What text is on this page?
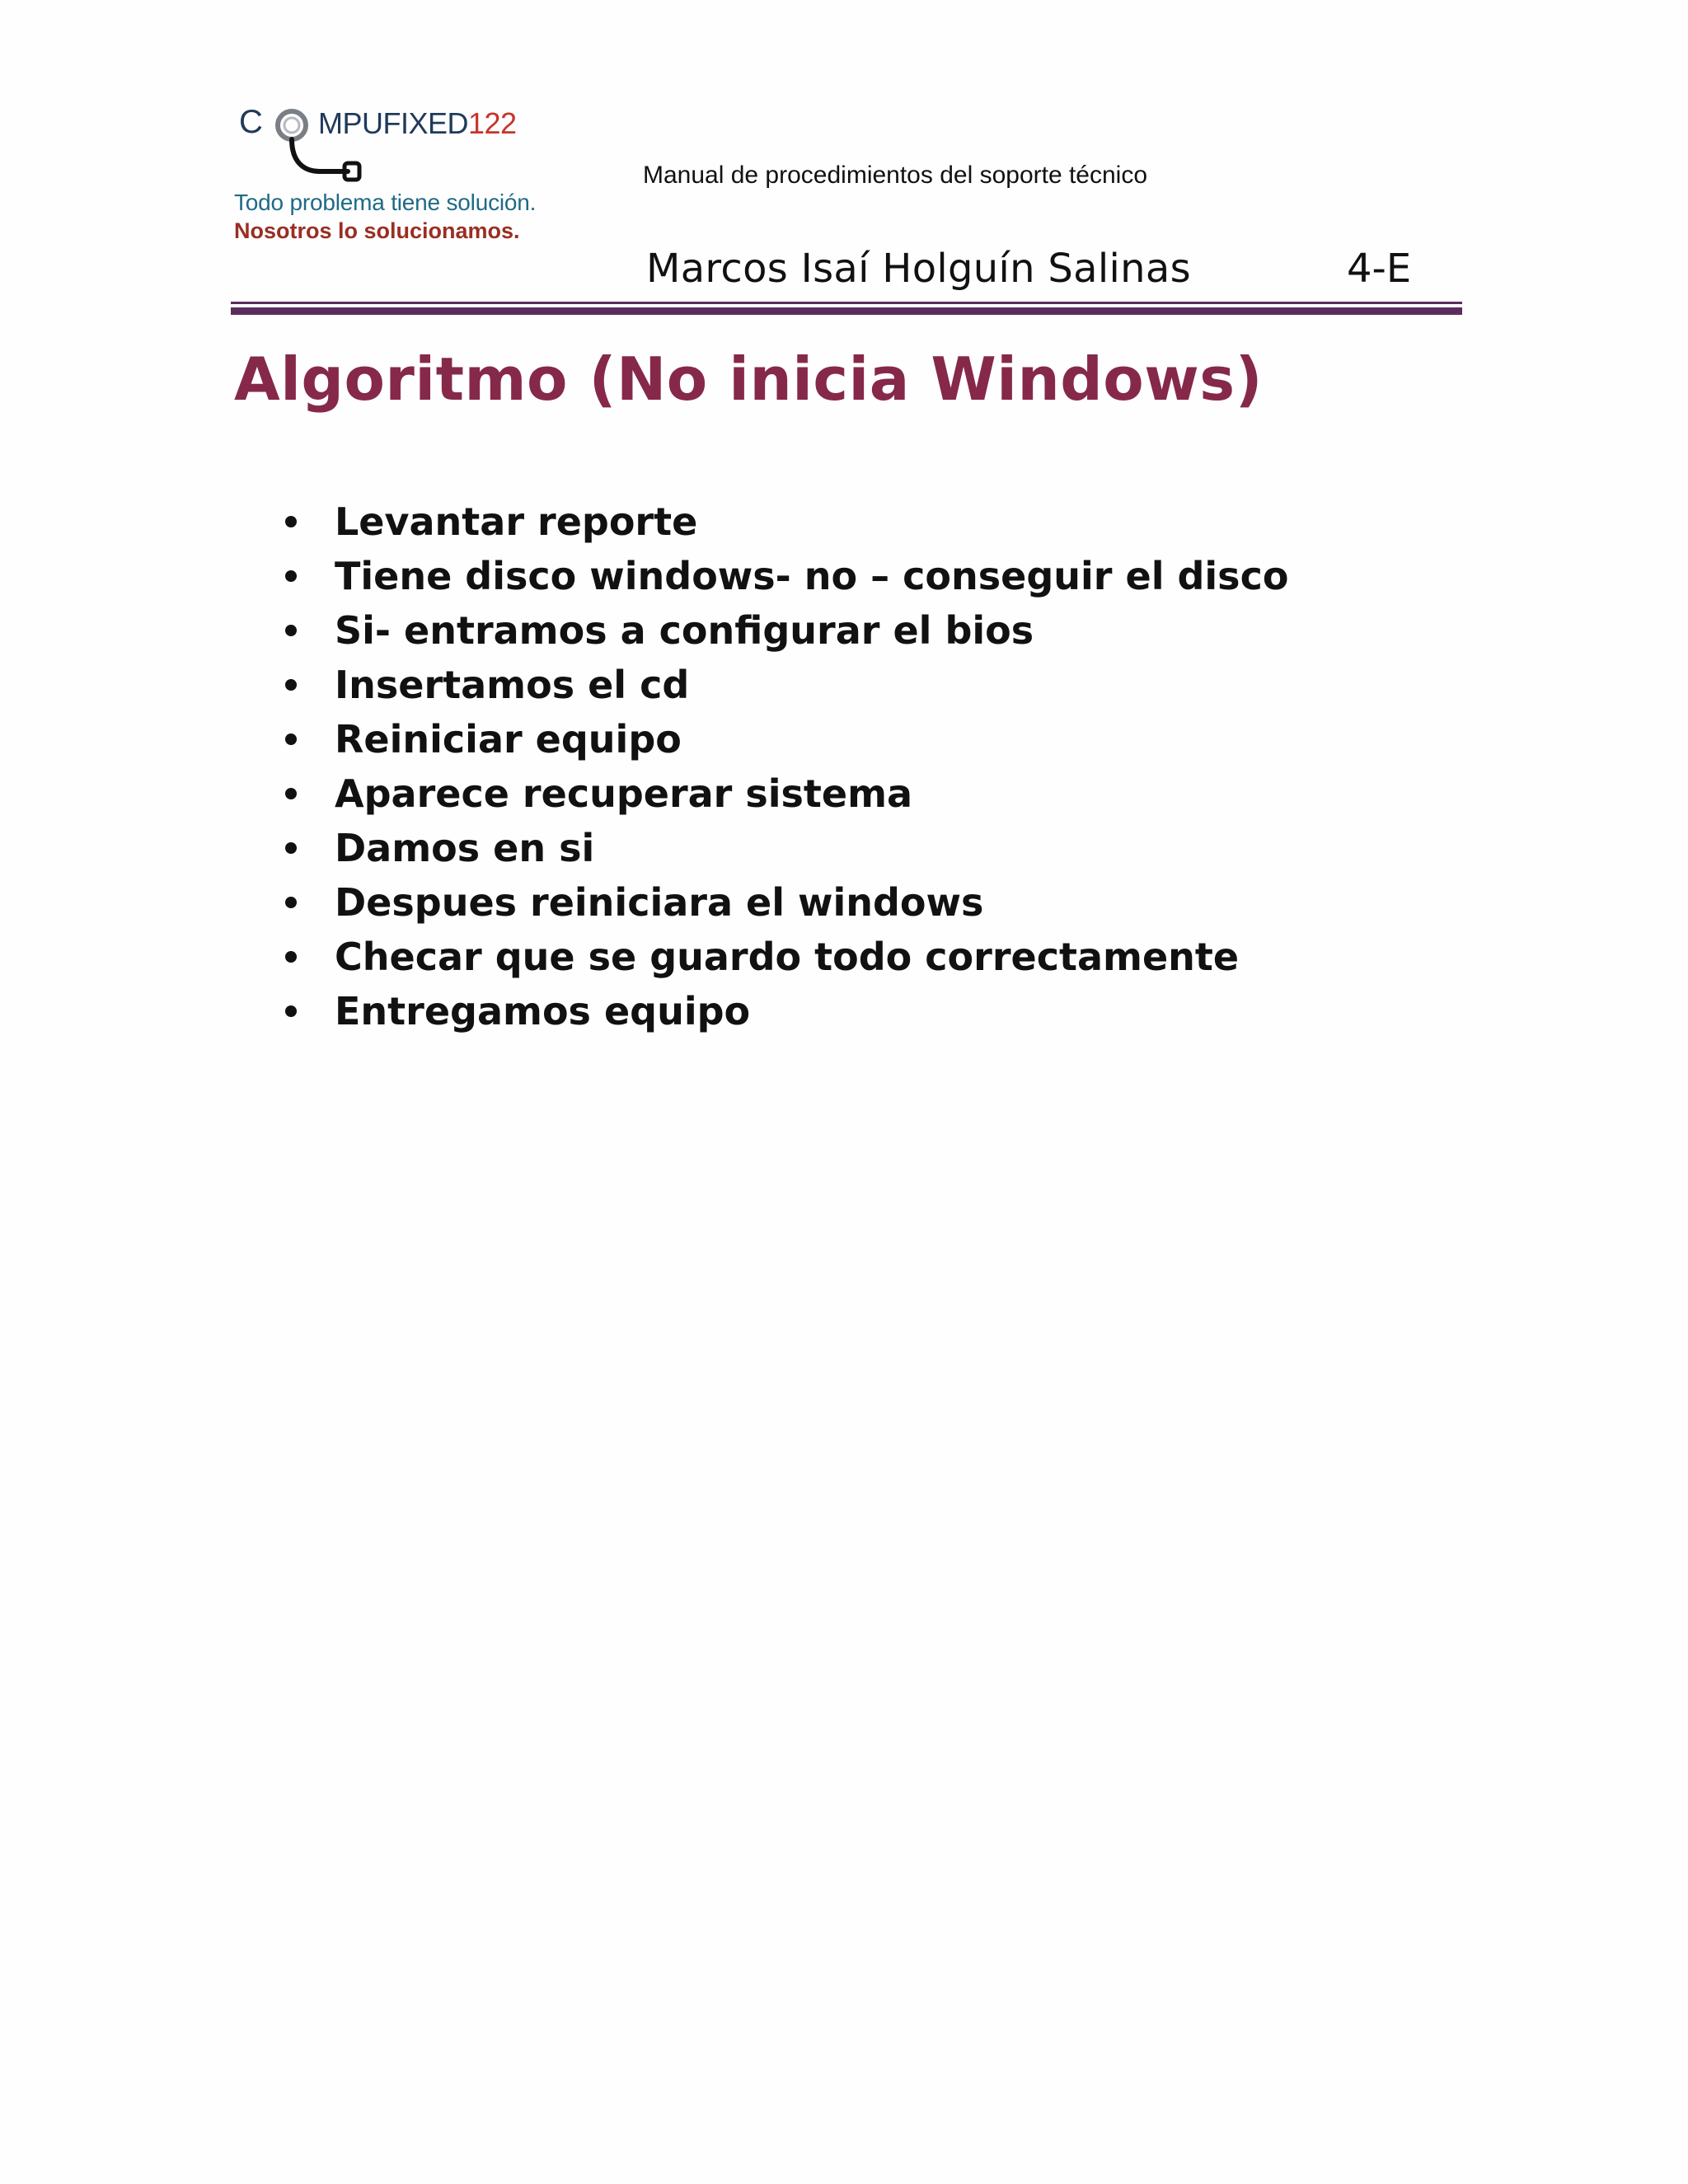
C MPUFIXED122
Todo problema tiene solución.
Nosotros lo solucionamos.
Manual de procedimientos del soporte técnico
Marcos Isaí Holguín Salinas	4-E
Algoritmo (No inicia Windows)
Levantar reporte
Tiene disco windows- no – conseguir el disco
Si- entramos a configurar el bios
Insertamos el cd
Reiniciar equipo
Aparece recuperar sistema
Damos en si
Despues reiniciara el windows
Checar que se guardo todo correctamente
Entregamos equipo
